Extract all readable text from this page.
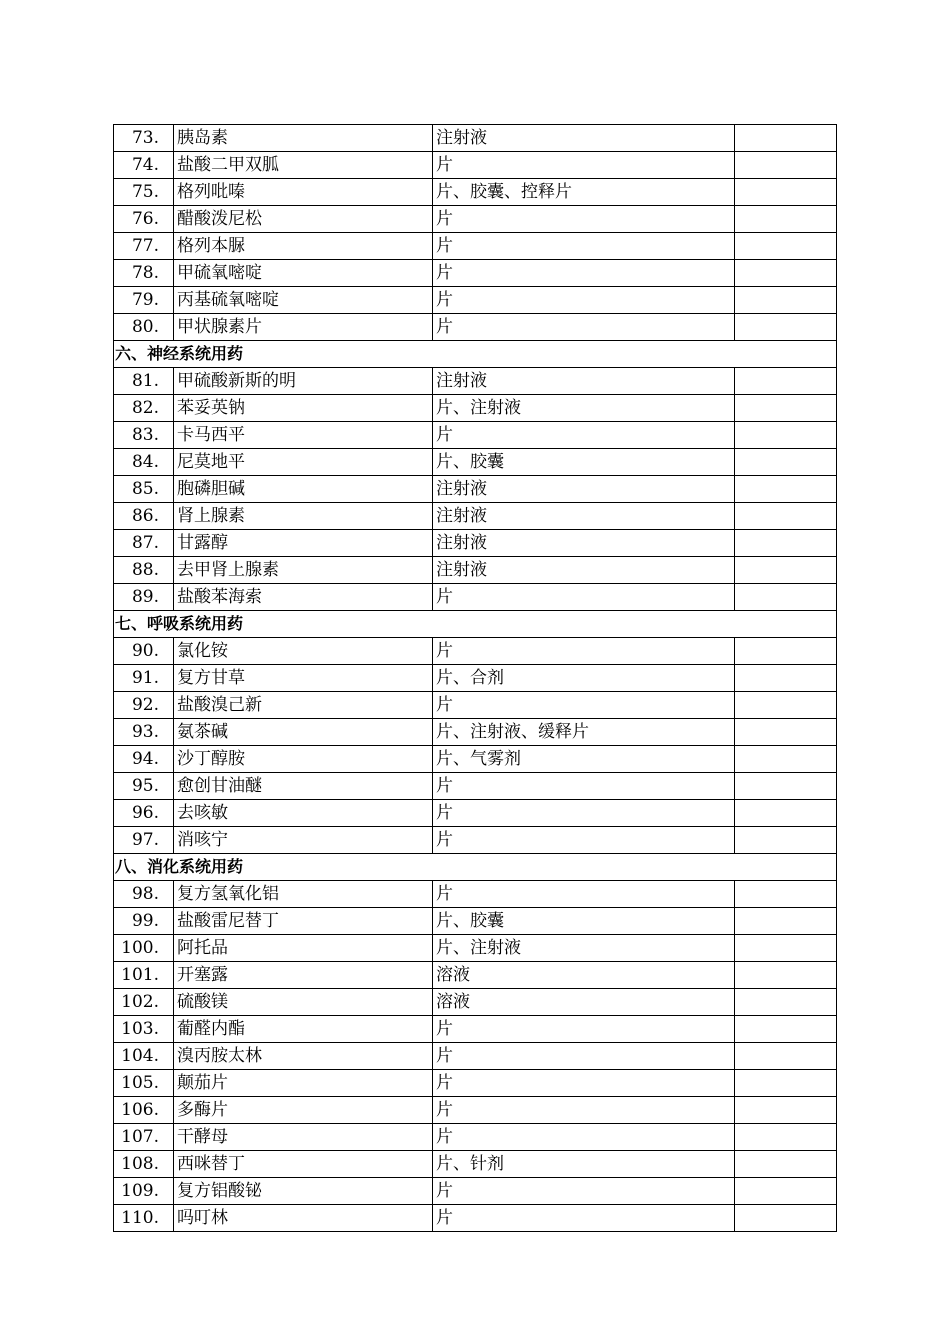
73.	胰岛素	注射液	
74.	盐酸二甲双胍	片	
75.	格列吡嗪	片、胶囊、控释片	
76.	醋酸泼尼松	片	
77.	格列本脲	片	
78.	甲硫氧嘧啶	片	
79.	丙基硫氧嘧啶	片	
80.	甲状腺素片	片	
六、神经系统用药			
81.	甲硫酸新斯的明	注射液	
82.	苯妥英钠	片、注射液	
83.	卡马西平	片	
84.	尼莫地平	片、胶囊	
85.	胞磷胆碱	注射液	
86.	肾上腺素	注射液	
87.	甘露醇	注射液	
88.	去甲肾上腺素	注射液	
89.	盐酸苯海索	片	
七、呼吸系统用药			
90.	氯化铵	片	
91.	复方甘草	片、合剂	
92.	盐酸溴己新	片	
93.	氨茶碱	片、注射液、缓释片	
94.	沙丁醇胺	片、气雾剂	
95.	愈创甘油醚	片	
96.	去咳敏	片	
97.	消咳宁	片	
八、消化系统用药			
98.	复方氢氧化铝	片	
99.	盐酸雷尼替丁	片、胶囊	
100.	阿托品	片、注射液	
101.	开塞露	溶液	
102.	硫酸镁	溶液	
103.	葡醛内酯	片	
104.	溴丙胺太林	片	
105.	颠茄片	片	
106.	多酶片	片	
107.	干酵母	片	
108.	西咪替丁	片、针剂	
109.	复方铝酸铋	片	
110.	吗叮林	片	
